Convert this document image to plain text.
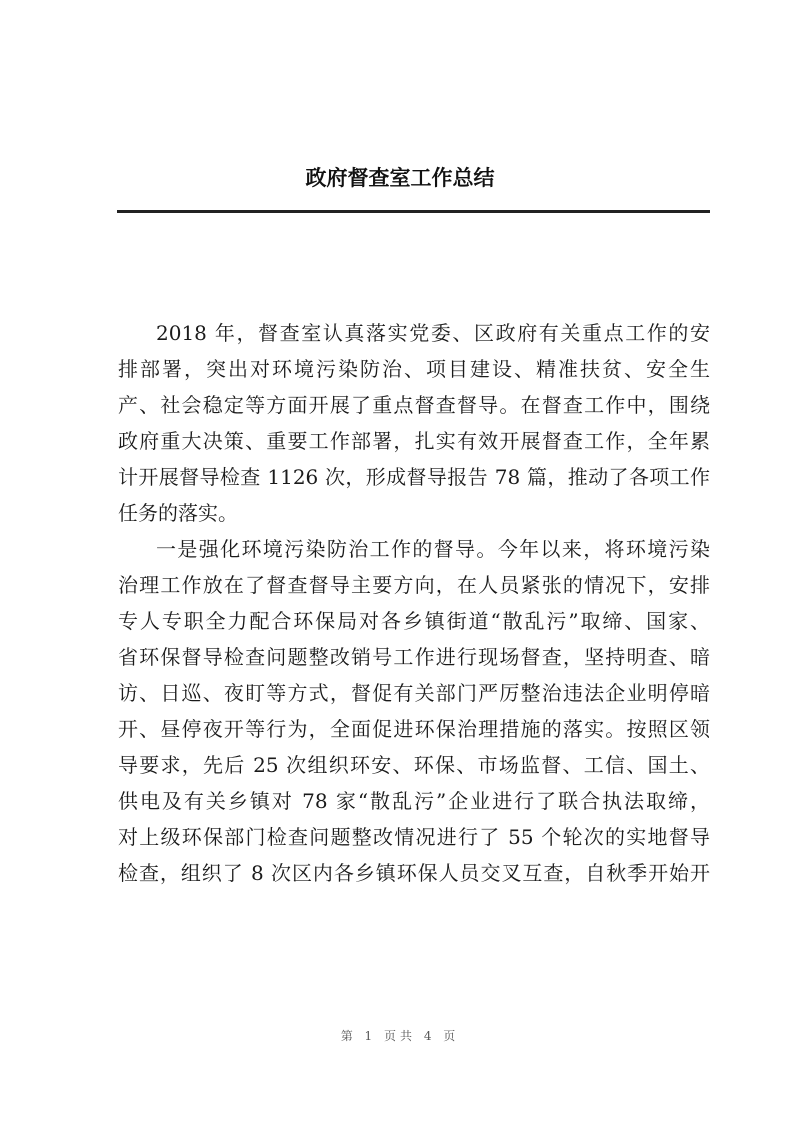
政府督查室工作总结
2018 年，督查室认真落实党委、区政府有关重点工作的安
排部署，突出对环境污染防治、项目建设、精准扶贫、安全生
产、社会稳定等方面开展了重点督查督导。在督查工作中，围绕
政府重大决策、重要工作部署，扎实有效开展督查工作，全年累
计开展督导检查 1126 次，形成督导报告 78 篇，推动了各项工作
任务的落实。
一是强化环境污染防治工作的督导。今年以来，将环境污染
治理工作放在了督查督导主要方向，在人员紧张的情况下，安排
专人专职全力配合环保局对各乡镇街道“散乱污”取缔、国家、
省环保督导检查问题整改销号工作进行现场督查，坚持明查、暗
访、日巡、夜盯等方式，督促有关部门严厉整治违法企业明停暗
开、昼停夜开等行为，全面促进环保治理措施的落实。按照区领
导要求，先后 25 次组织环安、环保、市场监督、工信、国土、
供电及有关乡镇对 78 家“散乱污”企业进行了联合执法取缔，
对上级环保部门检查问题整改情况进行了 55 个轮次的实地督导
检查，组织了 8 次区内各乡镇环保人员交叉互查，自秋季开始开
第 1 页共 4 页
